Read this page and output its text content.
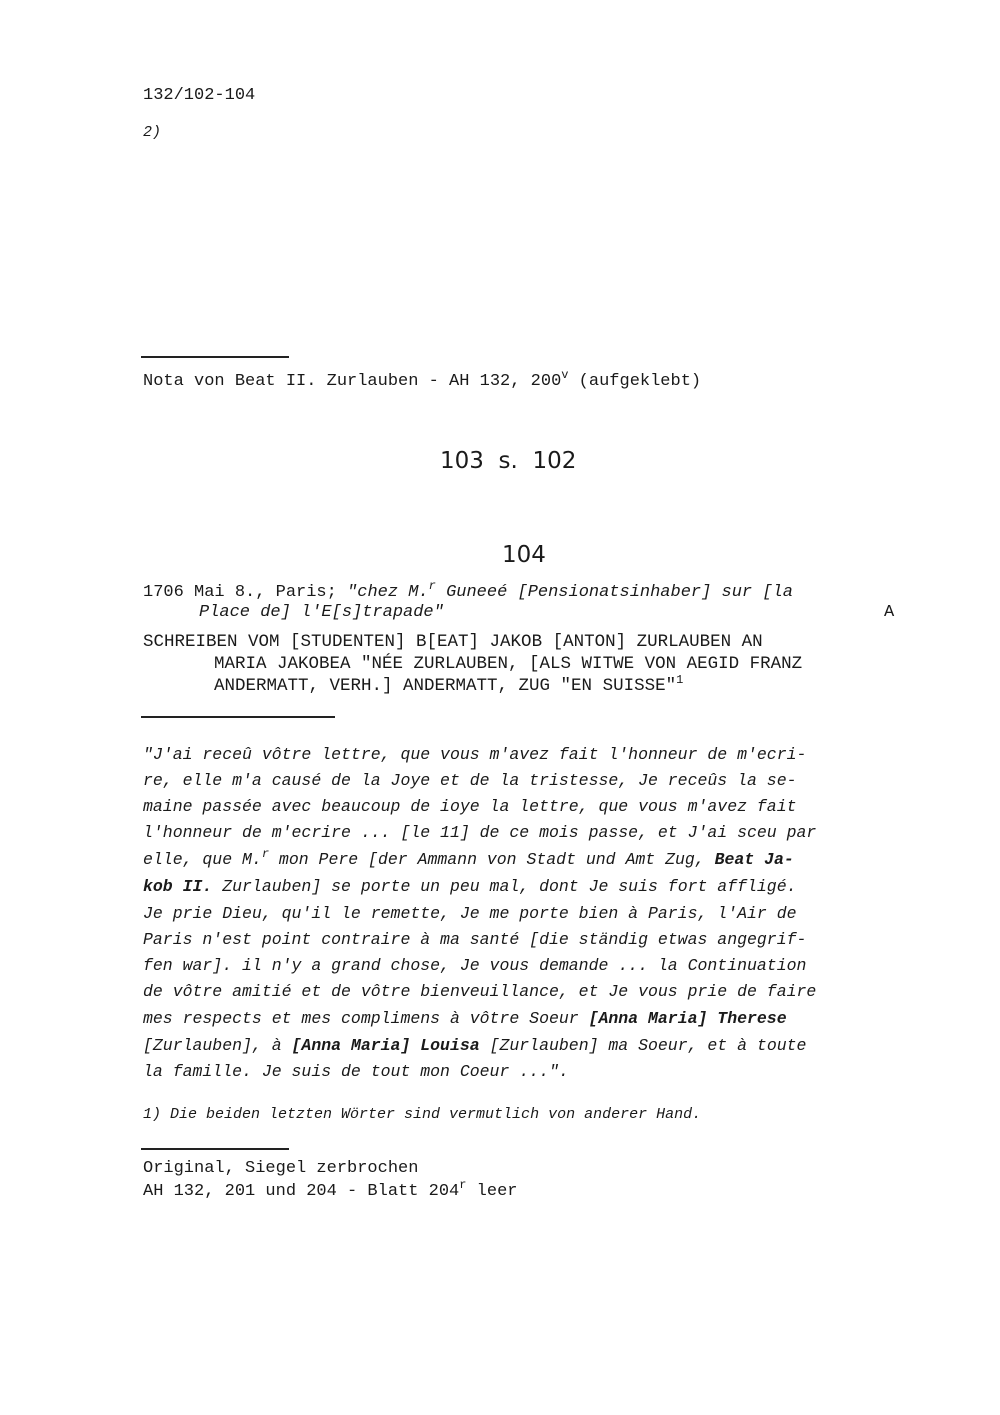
132/102-104
2)
Nota von Beat II. Zurlauben - AH 132, 200$^v$ (aufgeklebt)
103  s.  102
104
1706 Mai 8., Paris; "chez M.$^r$ Guneeé [Pensionatsinhaber] sur [la
Place de] l'E[s]trapade"	A
SCHREIBEN VOM [STUDENTEN] B[EAT] JAKOB [ANTON] ZURLAUBEN AN
MARIA JAKOBEA "NÉE ZURLAUBEN, [ALS WITWE VON AEGID FRANZ
ANDERMATT, VERH.] ANDERMATT, ZUG "EN SUISSE"$^1$
"J'ai receû vôtre lettre, que vous m'avez fait l'honneur de m'ecri-
re, elle m'a causé de la Joye et de la tristesse, Je receûs la se-
maine passée avec beaucoup de ioye la lettre, que vous m'avez fait
l'honneur de m'ecrire ... [le 11] de ce mois passe, et J'ai sceu par
elle, que M.$^r$ mon Pere [der Ammann von Stadt und Amt Zug, Beat Ja-
kob II. Zurlauben] se porte un peu mal, dont Je suis fort affligé.
Je prie Dieu, qu'il le remette, Je me porte bien à Paris, l'Air de
Paris n'est point contraire à ma santé [die ständig etwas angegrif-
fen war]. il n'y a grand chose, Je vous demande ... la Continuation
de vôtre amitié et de vôtre bienveuillance, et Je vous prie de faire
mes respects et mes complimens à vôtre Soeur [Anna Maria] Therese
[Zurlauben], à [Anna Maria] Louisa [Zurlauben] ma Soeur, et à toute
la famille. Je suis de tout mon Coeur ...".
1) Die beiden letzten Wörter sind vermutlich von anderer Hand.
Original, Siegel zerbrochen
AH 132, 201 und 204 - Blatt 204$^r$ leer
